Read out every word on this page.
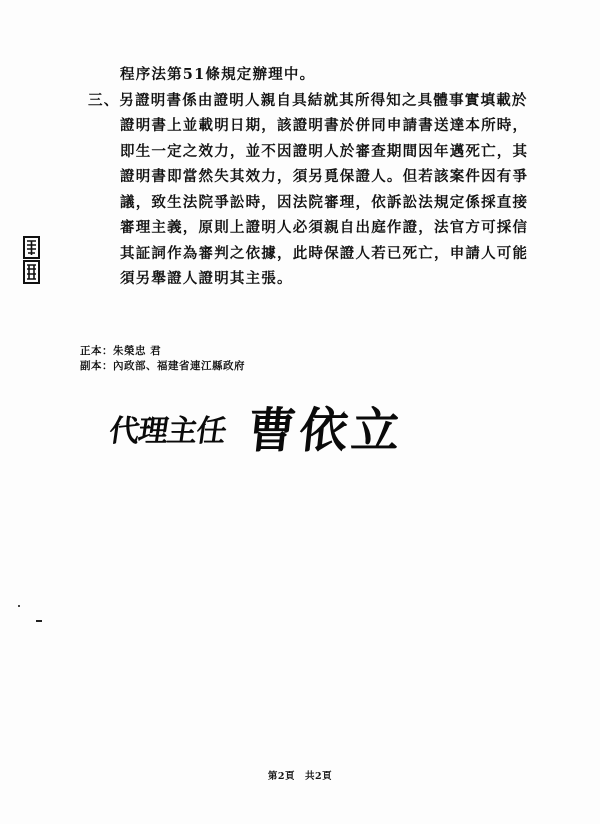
程序法第51條規定辦理中。
三、另證明書係由證明人親自具結就其所得知之具體事實填載於
證明書上並載明日期，該證明書於併同申請書送達本所時，
即生一定之效力，並不因證明人於審查期間因年邁死亡，其
證明書即當然失其效力，須另覓保證人。但若該案件因有爭
議，致生法院爭訟時，因法院審理，依訴訟法規定係採直接
審理主義，原則上證明人必須親自出庭作證，法官方可採信
其証詞作為審判之依據，此時保證人若已死亡，申請人可能
須另舉證人證明其主張。
正本：朱榮忠 君
副本：內政部、福建省連江縣政府
代理主任 曹依立
第2頁 共2頁
